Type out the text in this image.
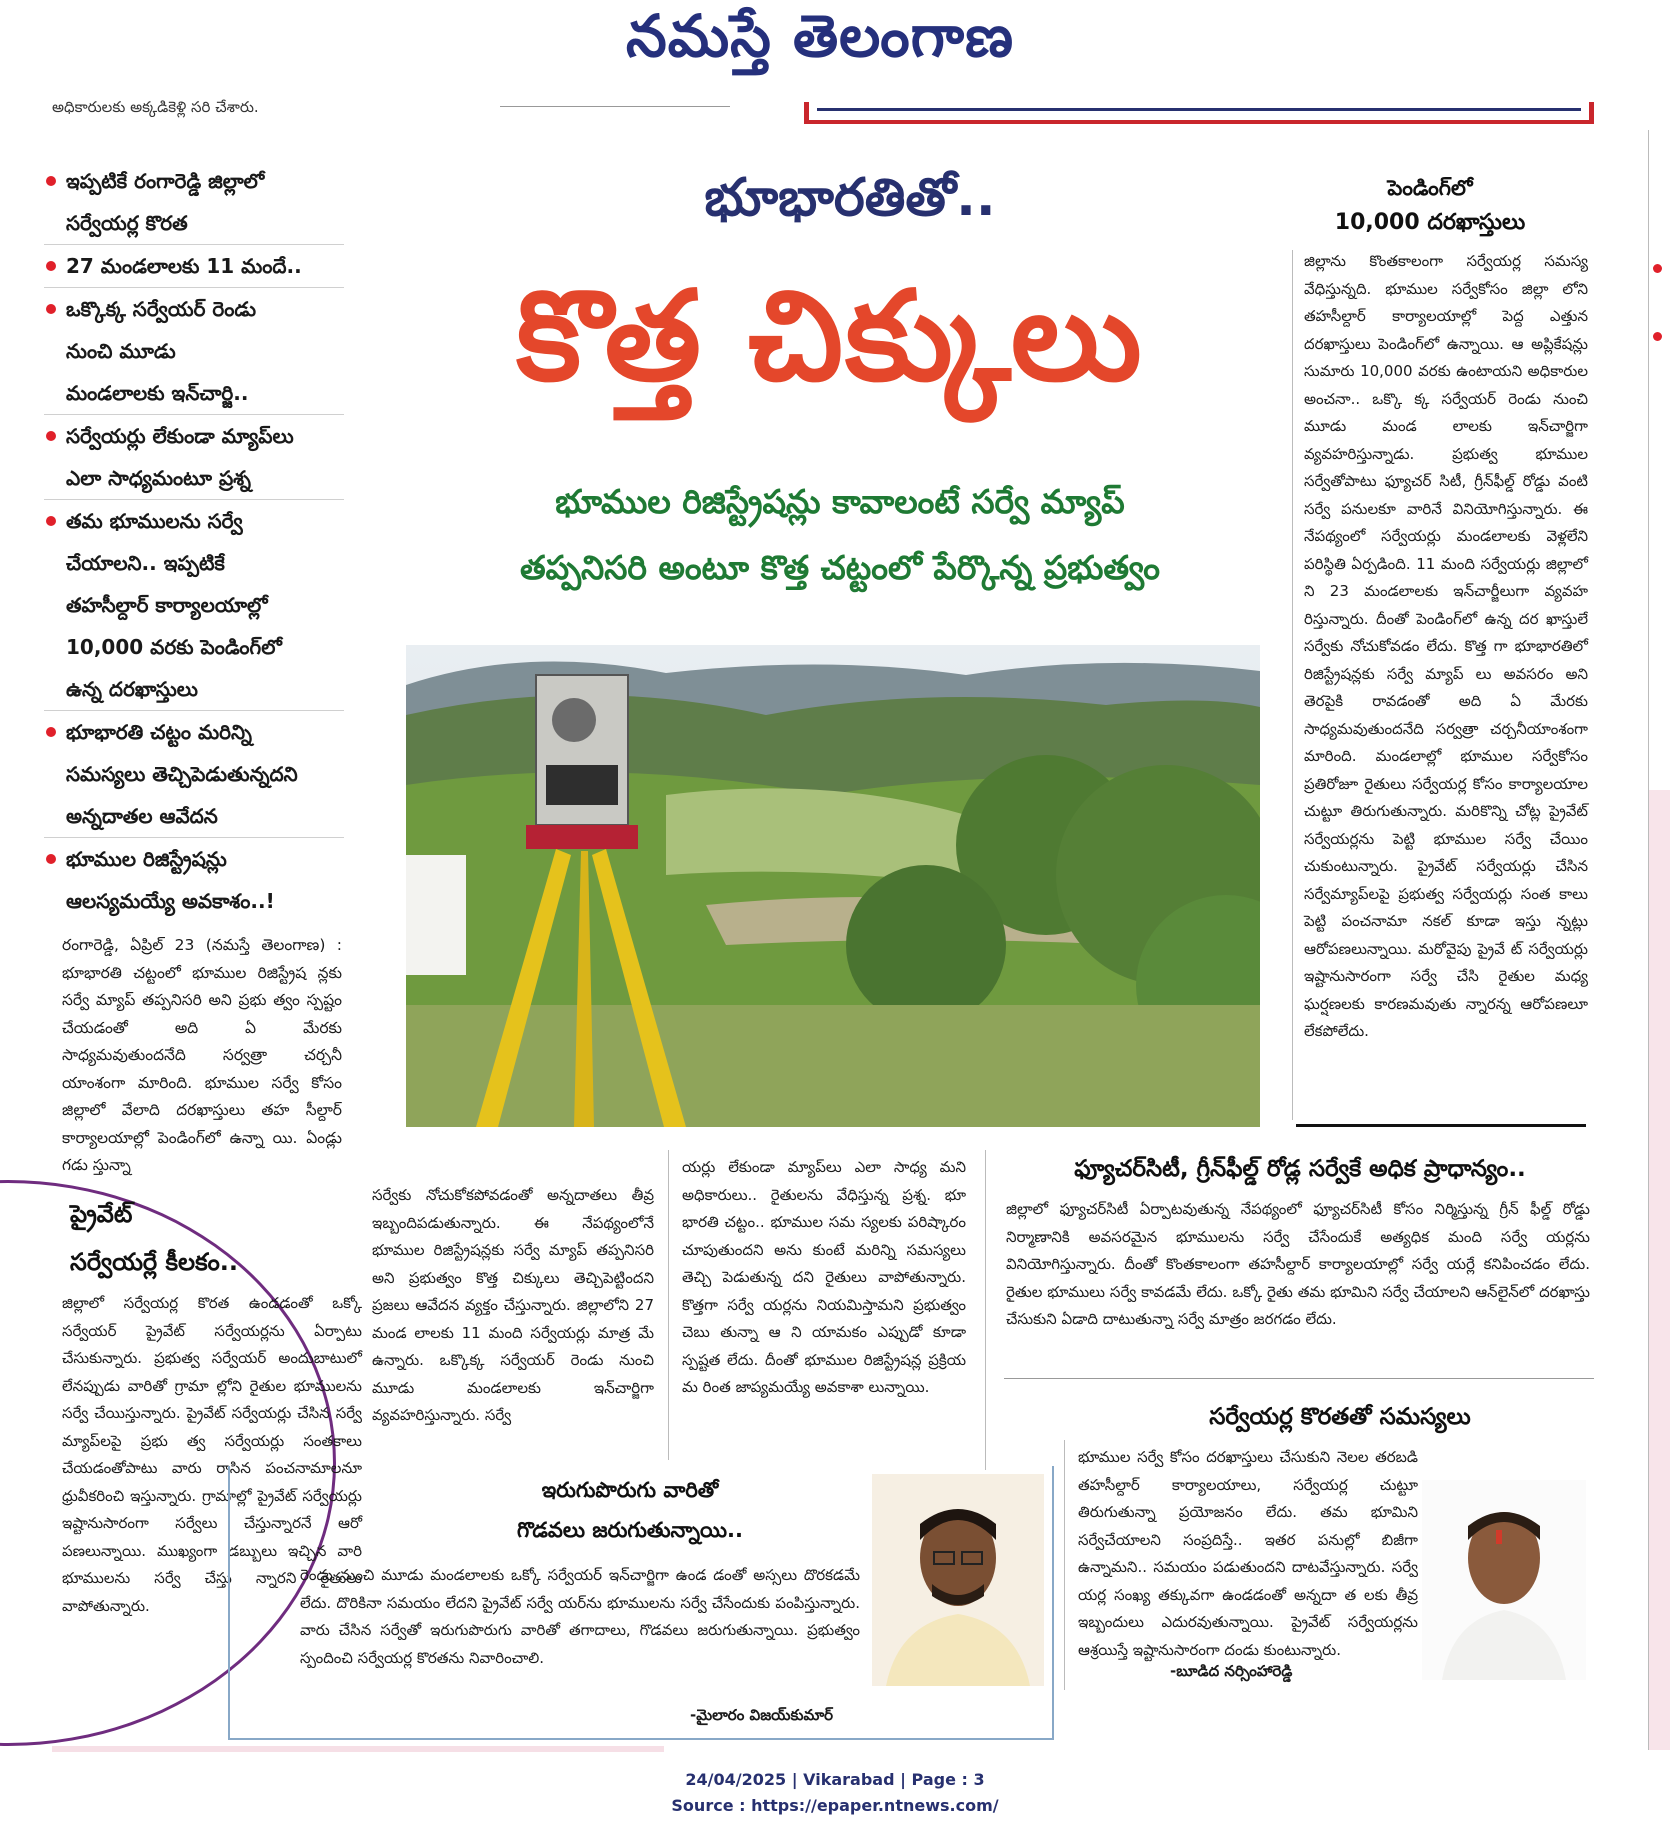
నమస్తే తెలంగాణ
అధికారులకు అక్కడికెళ్లి సరి చేశారు.
భూభారతితో..
కొత్త చిక్కులు
భూముల రిజిస్ట్రేషన్లు కావాలంటే సర్వే మ్యాప్
తప్పనిసరి అంటూ కొత్త చట్టంలో పేర్కొన్న ప్రభుత్వం
ఇప్పటికే రంగారెడ్డి జిల్లాలో
సర్వేయర్ల కొరత
27 మండలాలకు 11 మందే..
ఒక్కొక్క సర్వేయర్ రెండు
నుంచి మూడు
మండలాలకు ఇన్‌చార్జి..
సర్వేయర్లు లేకుండా మ్యాప్‌లు
ఎలా సాధ్యమంటూ ప్రశ్న
తమ భూములను సర్వే
చేయాలని.. ఇప్పటికే
తహసీల్దార్ కార్యాలయాల్లో
10,000 వరకు పెండింగ్‌లో
ఉన్న దరఖాస్తులు
భూభారతి చట్టం మరిన్ని
సమస్యలు తెచ్చిపెడుతున్నదని
అన్నదాతల ఆవేదన
భూముల రిజిస్ట్రేషన్లు
ఆలస్యమయ్యే అవకాశం..!
రంగారెడ్డి, ఏప్రిల్ 23 (నమస్తే తెలంగాణ) : భూభారతి చట్టంలో భూముల రిజిస్ట్రేష న్లకు సర్వే మ్యాప్ తప్పనిసరి అని ప్రభు త్వం స్పష్టం చేయడంతో అది ఏ మేరకు సాధ్యమవుతుందనేది సర్వత్రా చర్చనీ యాంశంగా మారింది. భూముల సర్వే కోసం జిల్లాలో వేలాది దరఖాస్తులు తహ సీల్దార్ కార్యాలయాల్లో పెండింగ్‌లో ఉన్నా యి. ఏండ్లు గడు స్తున్నా
ప్రైవేట్
సర్వేయర్లే కీలకం..
జిల్లాలో సర్వేయర్ల కొరత ఉండడంతో ఒక్కో సర్వేయర్ ప్రైవేట్ సర్వేయర్లను ఏర్పాటు చేసుకున్నారు. ప్రభుత్వ సర్వేయర్ అందుబాటులో లేనప్పుడు వారితో గ్రామా ల్లోని రైతుల భూములను సర్వే చేయిస్తున్నారు. ప్రైవేట్ సర్వేయర్లు చేసిన సర్వే మ్యాప్‌లపై ప్రభు త్వ సర్వేయర్లు సంతకాలు చేయడంతోపాటు వారు రాసిన పంచనామాలనూ ధ్రువీకరించి ఇస్తున్నారు. గ్రామాల్లో ప్రైవేట్ సర్వేయర్లు ఇష్టానుసారంగా సర్వేలు చేస్తున్నారనే ఆరో పణలున్నాయి. ముఖ్యంగా డబ్బులు ఇచ్చిన వారి భూములను సర్వే చేస్తు న్నారని రైతులు వాపోతున్నారు.
సర్వేకు నోచుకోకపోవడంతో అన్నదాతలు తీవ్ర ఇబ్బందిపడుతున్నారు. ఈ నేపథ్యంలోనే భూముల రిజిస్ట్రేషన్లకు సర్వే మ్యాప్ తప్పనిసరి అని ప్రభుత్వం కొత్త చిక్కులు తెచ్చిపెట్టిందని ప్రజలు ఆవేదన వ్యక్తం చేస్తున్నారు. జిల్లాలోని 27 మండ లాలకు 11 మంది సర్వేయర్లు మాత్ర మే ఉన్నారు. ఒక్కొక్క సర్వేయర్ రెండు నుంచి మూడు మండలాలకు ఇన్‌చార్జిగా వ్యవహరిస్తున్నారు. సర్వే
యర్లు లేకుండా మ్యాప్‌లు ఎలా సాధ్య మని అధికారులు.. రైతులను వేధిస్తున్న ప్రశ్న. భూ భారతి చట్టం.. భూముల సమ స్యలకు పరిష్కారం చూపుతుందని అను కుంటే మరిన్ని సమస్యలు తెచ్చి పెడుతున్న దని రైతులు వాపోతున్నారు. కొత్తగా సర్వే యర్లను నియమిస్తామని ప్రభుత్వం చెబు తున్నా ఆ ని యామకం ఎప్పుడో కూడా స్పష్టత లేదు. దీంతో భూముల రిజిస్ట్రేషన్ల ప్రక్రియ మ రింత జాప్యమయ్యే అవకాశా లున్నాయి.
పెండింగ్‌లో
10,000 దరఖాస్తులు
జిల్లాను కొంతకాలంగా సర్వేయర్ల సమస్య వేధిస్తున్నది. భూముల సర్వేకోసం జిల్లా లోని తహసీల్దార్ కార్యాలయాల్లో పెద్ద ఎత్తున దరఖాస్తులు పెండింగ్‌లో ఉన్నాయి. ఆ అప్లికేషన్లు సుమారు 10,000 వరకు ఉంటాయని అధికారుల అంచనా.. ఒక్కొ క్క సర్వేయర్ రెండు నుంచి మూడు మండ లాలకు ఇన్‌చార్జిగా వ్యవహరిస్తున్నాడు. ప్రభుత్వ భూముల సర్వేతోపాటు ఫ్యూచర్ సిటీ, గ్రీన్‌ఫీల్డ్ రోడ్డు వంటి సర్వే పనులకూ వారినే వినియోగిస్తున్నారు. ఈ నేపథ్యంలో సర్వేయర్లు మండలాలకు వెళ్లలేని పరిస్థితి ఏర్పడింది. 11 మంది సర్వేయర్లు జిల్లాలో ని 23 మండలాలకు ఇన్‌చార్జీలుగా వ్యవహ రిస్తున్నారు. దీంతో పెండింగ్‌లో ఉన్న దర ఖాస్తులే సర్వేకు నోచుకోవడం లేదు. కొత్త గా భూభారతిలో రిజిస్ట్రేషన్లకు సర్వే మ్యాప్ లు అవసరం అని తెరపైకి రావడంతో అది ఏ మేరకు సాధ్యమవుతుందనేది సర్వత్రా చర్చనీయాంశంగా మారింది. మండలాల్లో భూముల సర్వేకోసం ప్రతిరోజూ రైతులు సర్వేయర్ల కోసం కార్యాలయాల చుట్టూ తిరుగుతున్నారు. మరికొన్ని చోట్ల ప్రైవేట్ సర్వేయర్లను పెట్టి భూముల సర్వే చేయిం చుకుంటున్నారు. ప్రైవేట్ సర్వేయర్లు చేసిన సర్వేమ్యాప్‌లపై ప్రభుత్వ సర్వేయర్లు సంత కాలు పెట్టి పంచనామా నకల్ కూడా ఇస్తు న్నట్లు ఆరోపణలున్నాయి. మరోవైపు ప్రైవే ట్ సర్వేయర్లు ఇష్టానుసారంగా సర్వే చేసి రైతుల మధ్య ఘర్షణలకు కారణమవుతు న్నారన్న ఆరోపణలూ లేకపోలేదు.
ఫ్యూచర్‌సిటీ, గ్రీన్‌ఫీల్డ్ రోడ్ల సర్వేకే అధిక ప్రాధాన్యం..
జిల్లాలో ఫ్యూచర్‌సిటీ ఏర్పాటవుతున్న నేపథ్యంలో ఫ్యూచర్‌సిటీ కోసం నిర్మిస్తున్న గ్రీన్ ఫీల్డ్ రోడ్డు నిర్మాణానికి అవసరమైన భూములను సర్వే చేసేందుకే అత్యధిక మంది సర్వే యర్లను వినియోగిస్తున్నారు. దీంతో కొంతకాలంగా తహసీల్దార్ కార్యాలయాల్లో సర్వే యర్లే కనిపించడం లేదు. రైతుల భూములు సర్వే కావడమే లేదు. ఒక్కో రైతు తమ భూమిని సర్వే చేయాలని ఆన్‌లైన్‌లో దరఖాస్తు చేసుకుని ఏడాది దాటుతున్నా సర్వే మాత్రం జరగడం లేదు.
సర్వేయర్ల కొరతతో సమస్యలు
భూముల సర్వే కోసం దరఖాస్తులు చేసుకుని నెలల తరబడి తహసీల్దార్ కార్యాలయాలు, సర్వేయర్ల చుట్టూ తిరుగుతున్నా ప్రయోజనం లేదు. తమ భూమిని సర్వేచేయాలని సంప్రదిస్తే.. ఇతర పనుల్లో బిజీగా ఉన్నామని.. సమయం పడుతుందని దాటవేస్తున్నారు. సర్వే యర్ల సంఖ్య తక్కువగా ఉండడంతో అన్నదా త లకు తీవ్ర ఇబ్బందులు ఎదురవుతున్నాయి. ప్రైవేట్ సర్వేయర్లను ఆశ్రయిస్తే ఇష్టానుసారంగా దండు కుంటున్నారు.
-బూడిద నర్సింహారెడ్డి
ఇరుగుపొరుగు వారితో
గొడవలు జరుగుతున్నాయి..
రెండు నుంచి మూడు మండలాలకు ఒక్కో సర్వేయర్ ఇన్‌చార్జిగా ఉండ డంతో అస్సలు దొరకడమే లేదు. దొరికినా సమయం లేదని ప్రైవేట్ సర్వే యర్‌ను భూములను సర్వే చేసేందుకు పంపిస్తున్నారు. వారు చేసిన సర్వేతో ఇరుగుపొరుగు వారితో తగాదాలు, గొడవలు జరుగుతున్నాయి. ప్రభుత్వం స్పందించి సర్వేయర్ల కొరతను నివారించాలి.
-మైలారం విజయ్‌కుమార్
24/04/2025 | Vikarabad | Page : 3
Source : https://epaper.ntnews.com/
